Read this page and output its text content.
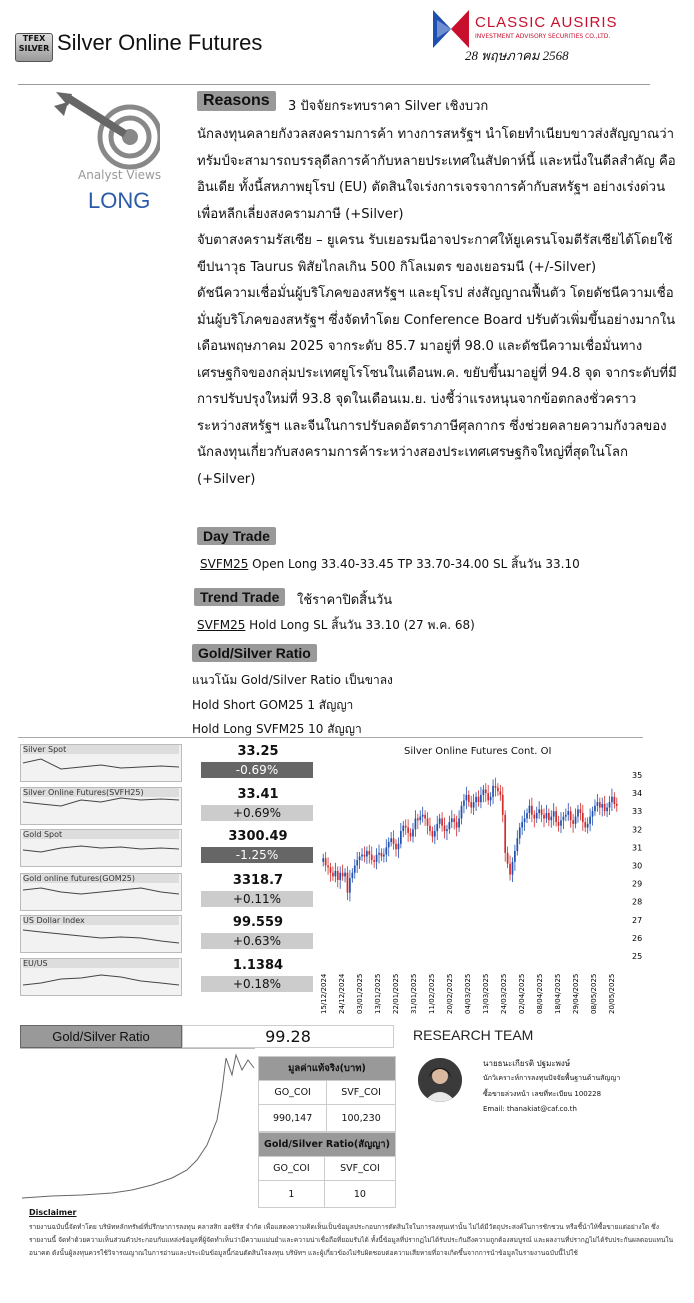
TFEX SILVER Silver Online Futures
CLASSIC AUSIRIS
INVESTMENT ADVISORY SECURITIES CO.,LTD.
28 พฤษภาคม 2568
Analyst Views
LONG
Reasons	3 ปัจจัยกระทบราคา Silver เชิงบวก

นักลงทุนคลายกังวลสงครามการค้า ทางการสหรัฐฯ นำโดยทำเนียบขาวส่งสัญญาณว่า ทรัมป์จะสามารถบรรลุดีลการค้ากับหลายประเทศในสัปดาห์นี้ และหนึ่งในดีลสำคัญ คือ อินเดีย ทั้งนี้สหภาพยุโรป (EU) ตัดสินใจเร่งการเจรจาการค้ากับสหรัฐฯ อย่างเร่งด่วนเพื่อหลีกเลี่ยงสงครามภาษี (+Silver)

จับตาสงครามรัสเซีย – ยูเครน รับเยอรมนีอาจประกาศให้ยูเครนโจมตีรัสเซียได้โดยใช้ขีปนาวุธ Taurus พิสัยไกลเกิน 500 กิโลเมตร ของเยอรมนี (+/-Silver)

ดัชนีความเชื่อมั่นผู้บริโภคของสหรัฐฯ และยุโรป ส่งสัญญาณฟื้นตัว โดยดัชนีความเชื่อมั่นผู้บริโภคของสหรัฐฯ ซึ่งจัดทำโดย Conference Board ปรับตัวเพิ่มขึ้นอย่างมากในเดือนพฤษภาคม 2025 จากระดับ 85.7 มาอยู่ที่ 98.0 และดัชนีความเชื่อมั่นทางเศรษฐกิจของกลุ่มประเทศยูโรโซนในเดือนพ.ค. ขยับขึ้นมาอยู่ที่ 94.8 จุด จากระดับที่มีการปรับปรุงใหม่ที่ 93.8 จุดในเดือนเม.ย. บ่งชี้ว่าแรงหนุนจากข้อตกลงชั่วคราวระหว่างสหรัฐฯ และจีนในการปรับลดอัตราภาษีศุลกากร ซึ่งช่วยคลายความกังวลของนักลงทุนเกี่ยวกับสงครามการค้าระหว่างสองประเทศเศรษฐกิจใหญ่ที่สุดในโลก (+Silver)

Day Trade
SVFM25 Open Long 33.40-33.45 TP 33.70-34.00 SL สิ้นวัน 33.10
Trend Trade	ใช้ราคาปิดสิ้นวัน
SVFM25 Hold Long SL สิ้นวัน 33.10 (27 พ.ค. 68)
Gold/Silver Ratio
แนวโน้ม Gold/Silver Ratio เป็นขาลง
Hold Short GOM25 1 สัญญา
Hold Long SVFM25 10 สัญญา
Silver Spot	33.25
-0.69%
Silver Online Futures(SVFH25)	33.41
+0.69%
Gold Spot	3300.49
-1.25%
Gold online futures(GOM25)	3318.7
+0.11%
US Dollar Index	99.559
+0.63%
EU/US	1.1384
+0.18%
Silver Online Futures Cont. OI
25
26
27
28
29
30
31
32
33
34
35
15/12/2024 24/12/2024 03/01/2025 13/01/2025 22/01/2025 31/01/2025 11/02/2025 20/02/2025 04/03/2025 13/03/2025 24/03/2025 02/04/2025 08/04/2025 18/04/2025 29/04/2025 08/05/2025 20/05/2025
Gold/Silver Ratio	99.28	RESEARCH TEAM
มูลค่าแท้จริง(บาท)	
GO_COI	SVF_COI
990,147	100,230
Gold/Silver Ratio(สัญญา)	
GO_COI	SVF_COI
1	10
นายธนะเกียรติ ปฐมะพงษ์
นักวิเคราะห์การลงทุนปัจจัยพื้นฐานด้านสัญญา
ซื้อขายล่วงหน้า เลขที่ทะเบียน 100228
Email: thanakiat@caf.co.th
Disclaimer
รายงานฉบับนี้จัดทำโดย บริษัทหลักทรัพย์ที่ปรึกษาการลงทุน คลาสสิก ออซิริส จำกัด เพื่อแสดงความคิดเห็นเป็นข้อมูลประกอบการตัดสินใจในการลงทุนเท่านั้น ไม่ได้มีวัตถุประสงค์ในการชักชวน หรือชี้นำให้ซื้อขายแต่อย่างใด ซึ่งรายงานนี้ จัดทำด้วยความเห็นส่วนตัวประกอบกับแหล่งข้อมูลที่ผู้จัดทำเห็นว่ามีความแม่นยำและความน่าเชื่อถือที่ยอมรับได้ ทั้งนี้ข้อมูลที่ปรากฏไม่ได้รับประกันถึงความถูกต้องสมบูรณ์ และผลงานที่ปรากฏไม่ได้รับประกันผลตอบแทนในอนาคต ดังนั้นผู้ลงทุนควรใช้วิจารณญาณในการอ่านและประเมินข้อมูลนี้ก่อนตัดสินใจลงทุน บริษัทฯ และผู้เกี่ยวข้องไม่รับผิดชอบต่อความเสียหายที่อาจเกิดขึ้นจากการนำข้อมูลในรายงานฉบับนี้ไปใช้
